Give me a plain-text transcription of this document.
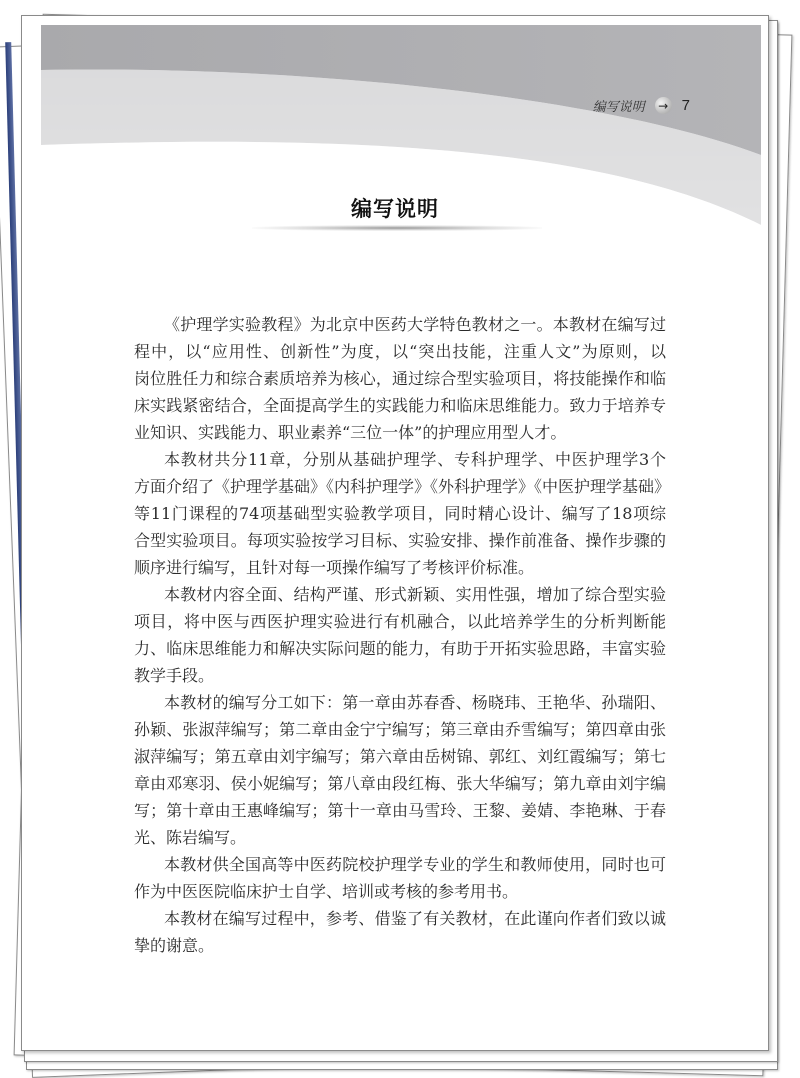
编写说明 → 7
编写说明
《护理学实验教程》为北京中医药大学特色教材之一。本教材在编写过
程中，以“应用性、创新性”为度，以“突出技能，注重人文”为原则，以
岗位胜任力和综合素质培养为核心，通过综合型实验项目，将技能操作和临
床实践紧密结合，全面提高学生的实践能力和临床思维能力。致力于培养专
业知识、实践能力、职业素养“三位一体”的护理应用型人才。
本教材共分11章，分别从基础护理学、专科护理学、中医护理学3个
方面介绍了《护理学基础》《内科护理学》《外科护理学》《中医护理学基础》
等11门课程的74项基础型实验教学项目，同时精心设计、编写了18项综
合型实验项目。每项实验按学习目标、实验安排、操作前准备、操作步骤的
顺序进行编写，且针对每一项操作编写了考核评价标准。
本教材内容全面、结构严谨、形式新颖、实用性强，增加了综合型实验
项目，将中医与西医护理实验进行有机融合，以此培养学生的分析判断能
力、临床思维能力和解决实际问题的能力，有助于开拓实验思路，丰富实验
教学手段。
本教材的编写分工如下：第一章由苏春香、杨晓玮、王艳华、孙瑞阳、
孙颖、张淑萍编写；第二章由金宁宁编写；第三章由乔雪编写；第四章由张
淑萍编写；第五章由刘宇编写；第六章由岳树锦、郭红、刘红霞编写；第七
章由邓寒羽、侯小妮编写；第八章由段红梅、张大华编写；第九章由刘宇编
写；第十章由王惠峰编写；第十一章由马雪玲、王黎、姜婧、李艳琳、于春
光、陈岩编写。
本教材供全国高等中医药院校护理学专业的学生和教师使用，同时也可
作为中医医院临床护士自学、培训或考核的参考用书。
本教材在编写过程中，参考、借鉴了有关教材，在此谨向作者们致以诚
挚的谢意。
